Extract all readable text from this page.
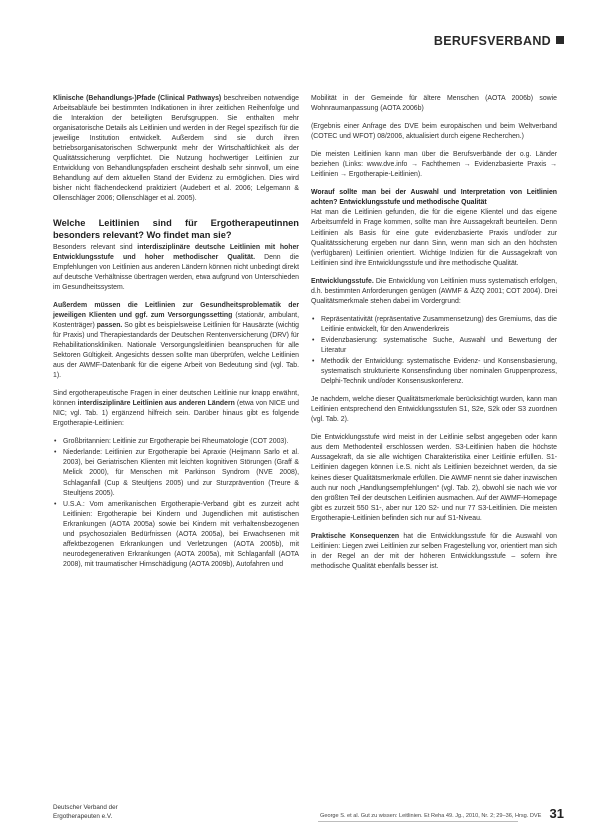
BERUFSVERBAND

Klinische (Behandlungs-)Pfade (Clinical Pathways) beschreiben notwendige Arbeitsabläufe bei bestimmten Indikationen in ihrer zeitlichen Reihenfolge und die Interaktion der beteiligten Berufsgruppen. Sie enthalten mehr organisatorische Details als Leitlinien und werden in der Regel spezifisch für die jeweilige Institution entwickelt. Außerdem sind sie durch ihren betriebsorganisatorischen Schwerpunkt mehr der Wirtschaftlichkeit als der Qualitätssicherung verpflichtet. Die Nutzung hochwertiger Leitlinien zur Entwicklung von Behandlungspfaden erscheint deshalb sehr sinnvoll, um eine Behandlung auf dem aktuellen Stand der Evidenz zu ermöglichen. Dies wird bisher nicht flächendeckend praktiziert (Audebert et al. 2006; Lelgemann & Ollenschläger 2006; Ollenschläger et al. 2005).

Welche Leitlinien sind für Ergotherapeutinnen besonders relevant? Wo findet man sie?

Besonders relevant sind interdisziplinäre deutsche Leitlinien mit hoher Entwicklungsstufe und hoher methodischer Qualität. Denn die Empfehlungen von Leitlinien aus anderen Ländern können nicht unbedingt direkt auf deutsche Verhältnisse übertragen werden, etwa aufgrund von Unterschieden im Gesundheitssystem.

Außerdem müssen die Leitlinien zur Gesundheitsproblematik der jeweiligen Klienten und ggf. zum Versorgungssetting (stationär, ambulant, Kostenträger) passen. So gibt es beispielsweise Leitlinien für Hausärzte (wichtig für Praxis) und Therapiestandards der Deutschen Rentenversicherung (DRV) für Rehabilitationskliniken. Nationale Versorgungsleitlinien beanspruchen für alle Sektoren Gültigkeit. Angesichts dessen sollte man überprüfen, welche Leitlinien aus der AWMF-Datenbank für die eigene Arbeit von Bedeutung sind (vgl. Tab. 1).

Sind ergotherapeutische Fragen in einer deutschen Leitlinie nur knapp erwähnt, können interdisziplinäre Leitlinien aus anderen Ländern (etwa von NICE und NIC; vgl. Tab. 1) ergänzend hilfreich sein. Darüber hinaus gibt es folgende Ergotherapie-Leitlinien:

• Großbritannien: Leitlinie zur Ergotherapie bei Rheumatologie (COT 2003).
• Niederlande: Leitlinien zur Ergotherapie bei Apraxie (Heijmann Sarlo et al. 2003), bei Geriatrischen Klienten mit leichten kognitiven Störungen (Graff & Melick 2000), für Menschen mit Parkinson Syndrom (NVE 2008), Schlaganfall (Cup & Steultjens 2005) und zur Sturzprävention (Treure & Steultjens 2005).
• U.S.A.: Vom amerikanischen Ergotherapie-Verband gibt es zurzeit acht Leitlinien: Ergotherapie bei Kindern und Jugendlichen mit autistischen Erkrankungen (AOTA 2005a) sowie bei Kindern mit verhaltensbezogenen und psychosozialen Bedürfnissen (AOTA 2005a), bei Erwachsenen mit affektbezogenen Erkrankungen und Verletzungen (AOTA 2005b), mit neurodegenerativen Erkrankungen (AOTA 2005a), mit Schlaganfall (AOTA 2008), mit traumatischer Hirnschädigung (AOTA 2009b), Autofahren und

Mobilität in der Gemeinde für ältere Menschen (AOTA 2006b) sowie Wohnraumanpassung (AOTA 2006b)

(Ergebnis einer Anfrage des DVE beim europäischen und beim Weltverband (COTEC und WFOT) 08/2006, aktualisiert durch eigene Recherchen.)

Die meisten Leitlinien kann man über die Berufsverbände der o.g. Länder beziehen (Links: www.dve.info → Fachthemen → Evidenzbasierte Praxis → Leitlinien → Ergotherapie-Leitlinien).

Worauf sollte man bei der Auswahl und Interpretation von Leitlinien achten? Entwicklungsstufe und methodische Qualität

Hat man die Leitlinien gefunden, die für die eigene Klientel und das eigene Arbeitsumfeld in Frage kommen, sollte man ihre Aussagekraft beurteilen. Denn Leitlinien als Basis für eine gute evidenzbasierte Praxis und/oder zur Qualitätssicherung ergeben nur dann Sinn, wenn man sich an den höchsten (verfügbaren) Leitlinien orientiert. Wichtige Indizien für die Aussagekraft von Leitlinien sind ihre Entwicklungsstufe und ihre methodische Qualität.

Entwicklungsstufe. Die Entwicklung von Leitlinien muss systematisch erfolgen, d.h. bestimmten Anforderungen genügen (AWMF & ÄZQ 2001; COT 2004). Drei Qualitätsmerkmale stehen dabei im Vordergrund:

• Repräsentativität (repräsentative Zusammensetzung) des Gremiums, das die Leitlinie entwickelt, für den Anwenderkreis
• Evidenzbasierung: systematische Suche, Auswahl und Bewertung der Literatur
• Methodik der Entwicklung: systematische Evidenz- und Konsensbasierung, systematisch strukturierte Konsensfindung über nominalen Gruppenprozess, Delphi-Technik und/oder Konsensuskonferenz.

Je nachdem, welche dieser Qualitätsmerkmale berücksichtigt wurden, kann man Leitlinien entsprechend den Entwicklungsstufen S1, S2e, S2k oder S3 zuordnen (vgl. Tab. 2).

Die Entwicklungsstufe wird meist in der Leitlinie selbst angegeben oder kann aus dem Methodenteil erschlossen werden. S3-Leitlinien haben die höchste Aussagekraft, da sie alle wichtigen Charakteristika einer Leitlinie erfüllen. S1-Leitlinien dagegen können i.e.S. nicht als Leitlinien bezeichnet werden, da sie keines dieser Qualitätsmerkmale erfüllen. Die AWMF nennt sie daher inzwischen auch nur noch „Handlungsempfehlungen“ (vgl. Tab. 2), obwohl sie nach wie vor den größten Teil der deutschen Leitlinien ausmachen. Auf der AWMF-Homepage gibt es zurzeit 550 S1-, aber nur 120 S2- und nur 77 S3-Leitlinien. Die meisten Ergotherapie-Leitlinien befinden sich nur auf S1-Niveau.

Praktische Konsequenzen hat die Entwicklungsstufe für die Auswahl von Leitlinien: Liegen zwei Leitlinien zur selben Fragestellung vor, orientiert man sich in der Regel an der mit der höheren Entwicklungsstufe – sofern ihre methodische Qualität ebenfalls besser ist.

Deutscher Verband der
Ergotherapeuten e.V.	George S. et al. Gut zu wissen: Leitlinien. Et Reha 49. Jg., 2010, Nr. 2; 29–36, Hrsg. DVE 31
